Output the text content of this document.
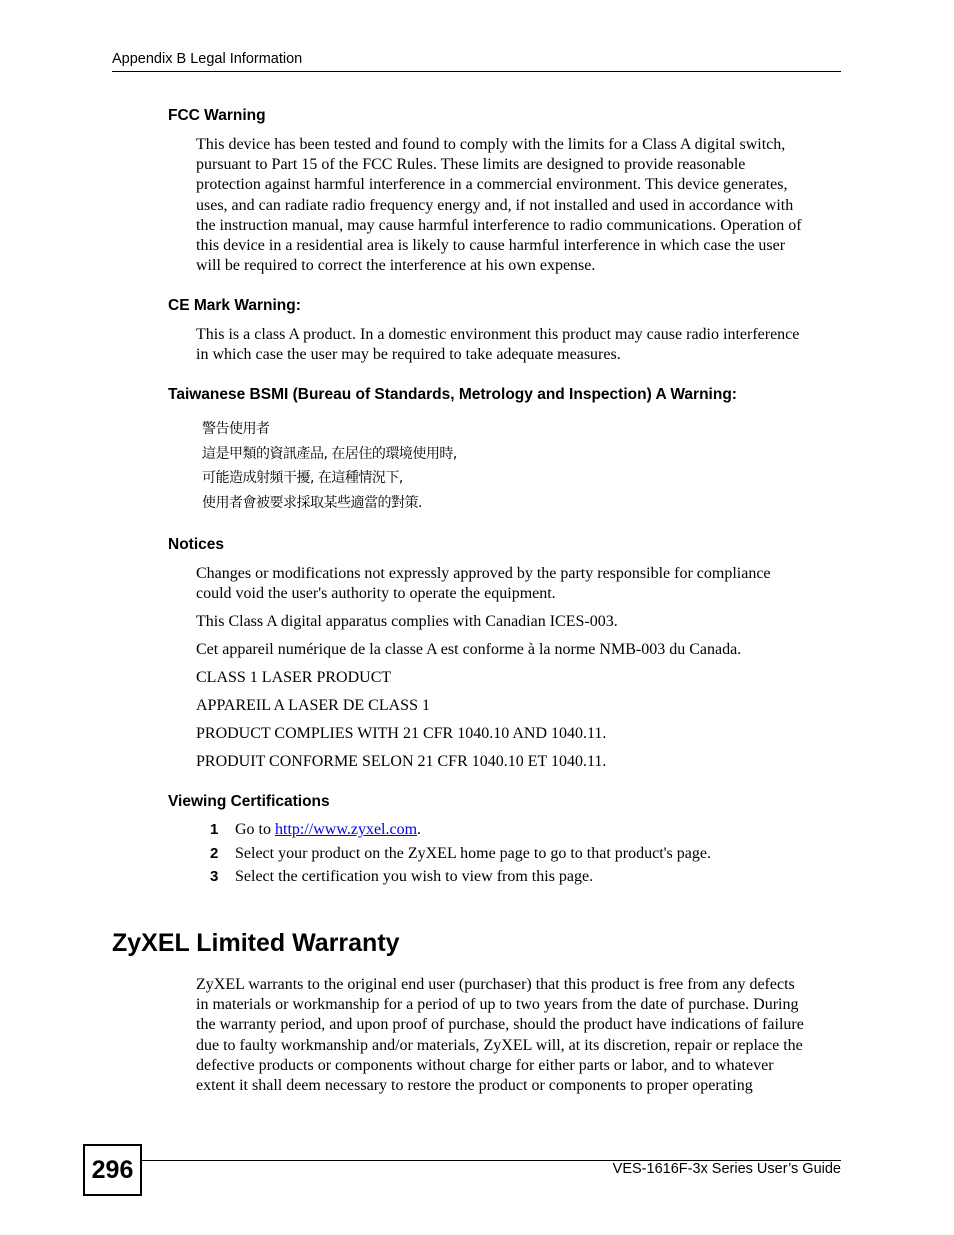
Appendix B Legal Information
FCC Warning

This device has been tested and found to comply with the limits for a Class A digital switch,
pursuant to Part 15 of the FCC Rules. These limits are designed to provide reasonable
protection against harmful interference in a commercial environment. This device generates,
uses, and can radiate radio frequency energy and, if not installed and used in accordance with
the instruction manual, may cause harmful interference to radio communications. Operation of
this device in a residential area is likely to cause harmful interference in which case the user
will be required to correct the interference at his own expense.

CE Mark Warning:

This is a class A product. In a domestic environment this product may cause radio interference
in which case the user may be required to take adequate measures.

Taiwanese BSMI (Bureau of Standards, Metrology and Inspection) A Warning:
警告使用者
這是甲類的資訊產品, 在居住的環境使用時,
可能造成射頻干擾, 在這種情況下,
使用者會被要求採取某些適當的對策.
Notices

Changes or modifications not expressly approved by the party responsible for compliance
could void the user's authority to operate the equipment.

This Class A digital apparatus complies with Canadian ICES-003.

Cet appareil numérique de la classe A est conforme à la norme NMB-003 du Canada.

CLASS 1 LASER PRODUCT

APPAREIL A LASER DE CLASS 1

PRODUCT COMPLIES WITH 21 CFR 1040.10 AND 1040.11.

PRODUIT CONFORME SELON 21 CFR 1040.10 ET 1040.11.

Viewing Certifications
1 Go to http://www.zyxel.com.
2 Select your product on the ZyXEL home page to go to that product's page.
3 Select the certification you wish to view from this page.
ZyXEL Limited Warranty

ZyXEL warrants to the original end user (purchaser) that this product is free from any defects
in materials or workmanship for a period of up to two years from the date of purchase. During
the warranty period, and upon proof of purchase, should the product have indications of failure
due to faulty workmanship and/or materials, ZyXEL will, at its discretion, repair or replace the
defective products or components without charge for either parts or labor, and to whatever
extent it shall deem necessary to restore the product or components to proper operating

296	VES-1616F-3x Series User’s Guide
